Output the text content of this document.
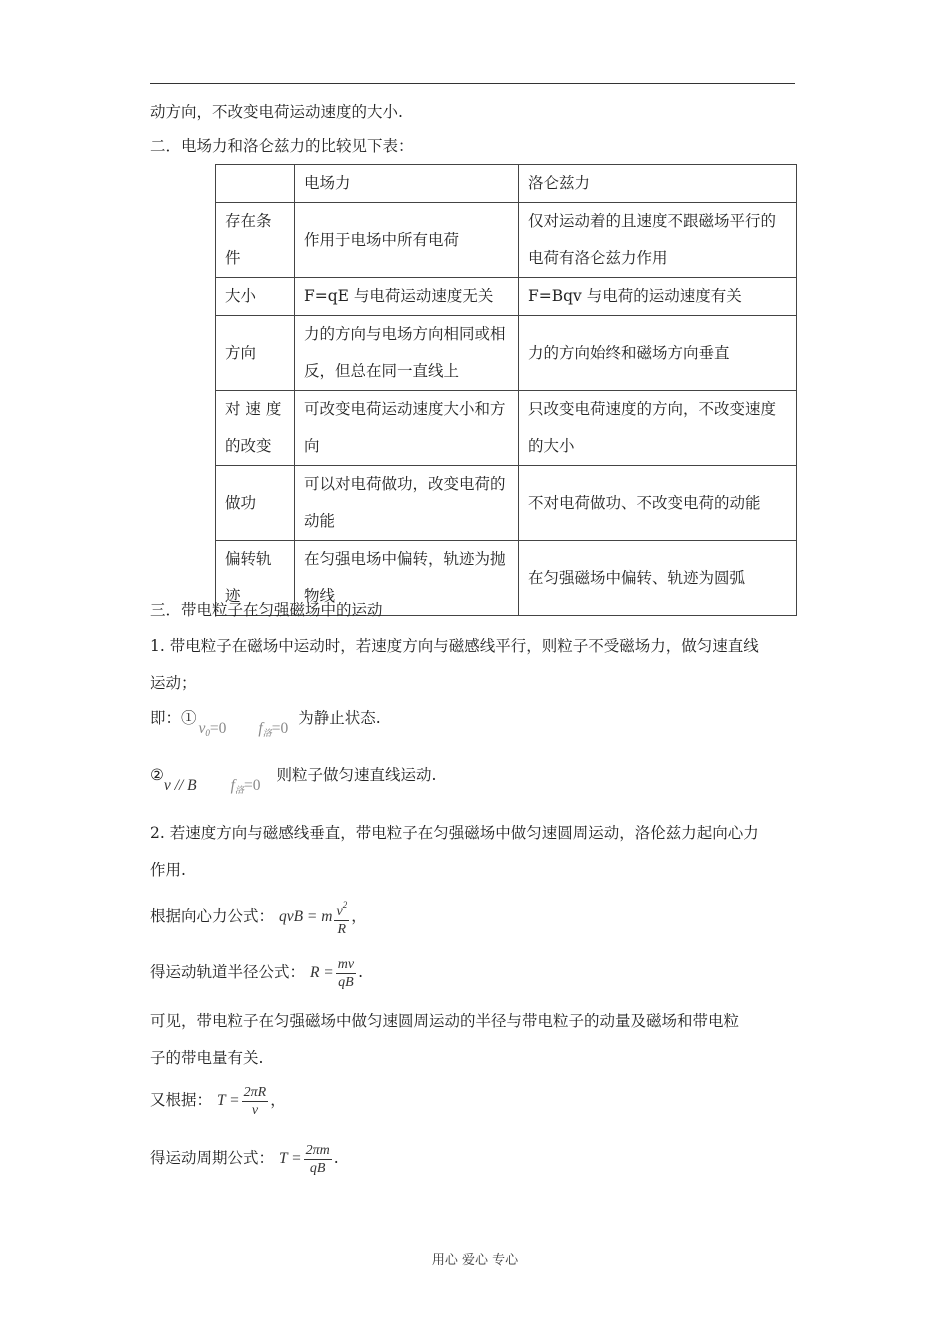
动方向，不改变电荷运动速度的大小.
二．电场力和洛仑兹力的比较见下表：
	电场力	洛仑兹力
存在条件	作用于电场中所有电荷	仅对运动着的且速度不跟磁场平行的电荷有洛仑兹力作用
大小	F=qE 与电荷运动速度无关	F=Bqv 与电荷的运动速度有关
方向	力的方向与电场方向相同或相反，但总在同一直线上	力的方向始终和磁场方向垂直
对 速 度的改变	可改变电荷运动速度大小和方向	只改变电荷速度的方向，不改变速度的大小
做功	可以对电荷做功，改变电荷的动能	不对电荷做功、不改变电荷的动能
偏转轨迹	在匀强电场中偏转，轨迹为抛物线	在匀强磁场中偏转、轨迹为圆弧
三．带电粒子在匀强磁场中的运动
1. 带电粒子在磁场中运动时，若速度方向与磁感线平行，则粒子不受磁场力，做匀速直线
运动；
即：$①v_0=0$ $f_洛=0$为静止状态.
②v // B $f_洛=0$则粒子做匀速直线运动.
2. 若速度方向与磁感线垂直，带电粒子在匀强磁场中做匀速圆周运动，洛伦兹力起向心力
作用.
根据向心力公式： qvB = m $\frac{v^2}{R}$ ，
得运动轨道半径公式： $R = \frac{mv}{qB}$ .
可见，带电粒子在匀强磁场中做匀速圆周运动的半径与带电粒子的动量及磁场和带电粒
子的带电量有关.
又根据： $T = \frac{2\pi R}{v}$ ，
得运动周期公式： $T = \frac{2\pi m}{qB}$ .
用心 爱心 专心
